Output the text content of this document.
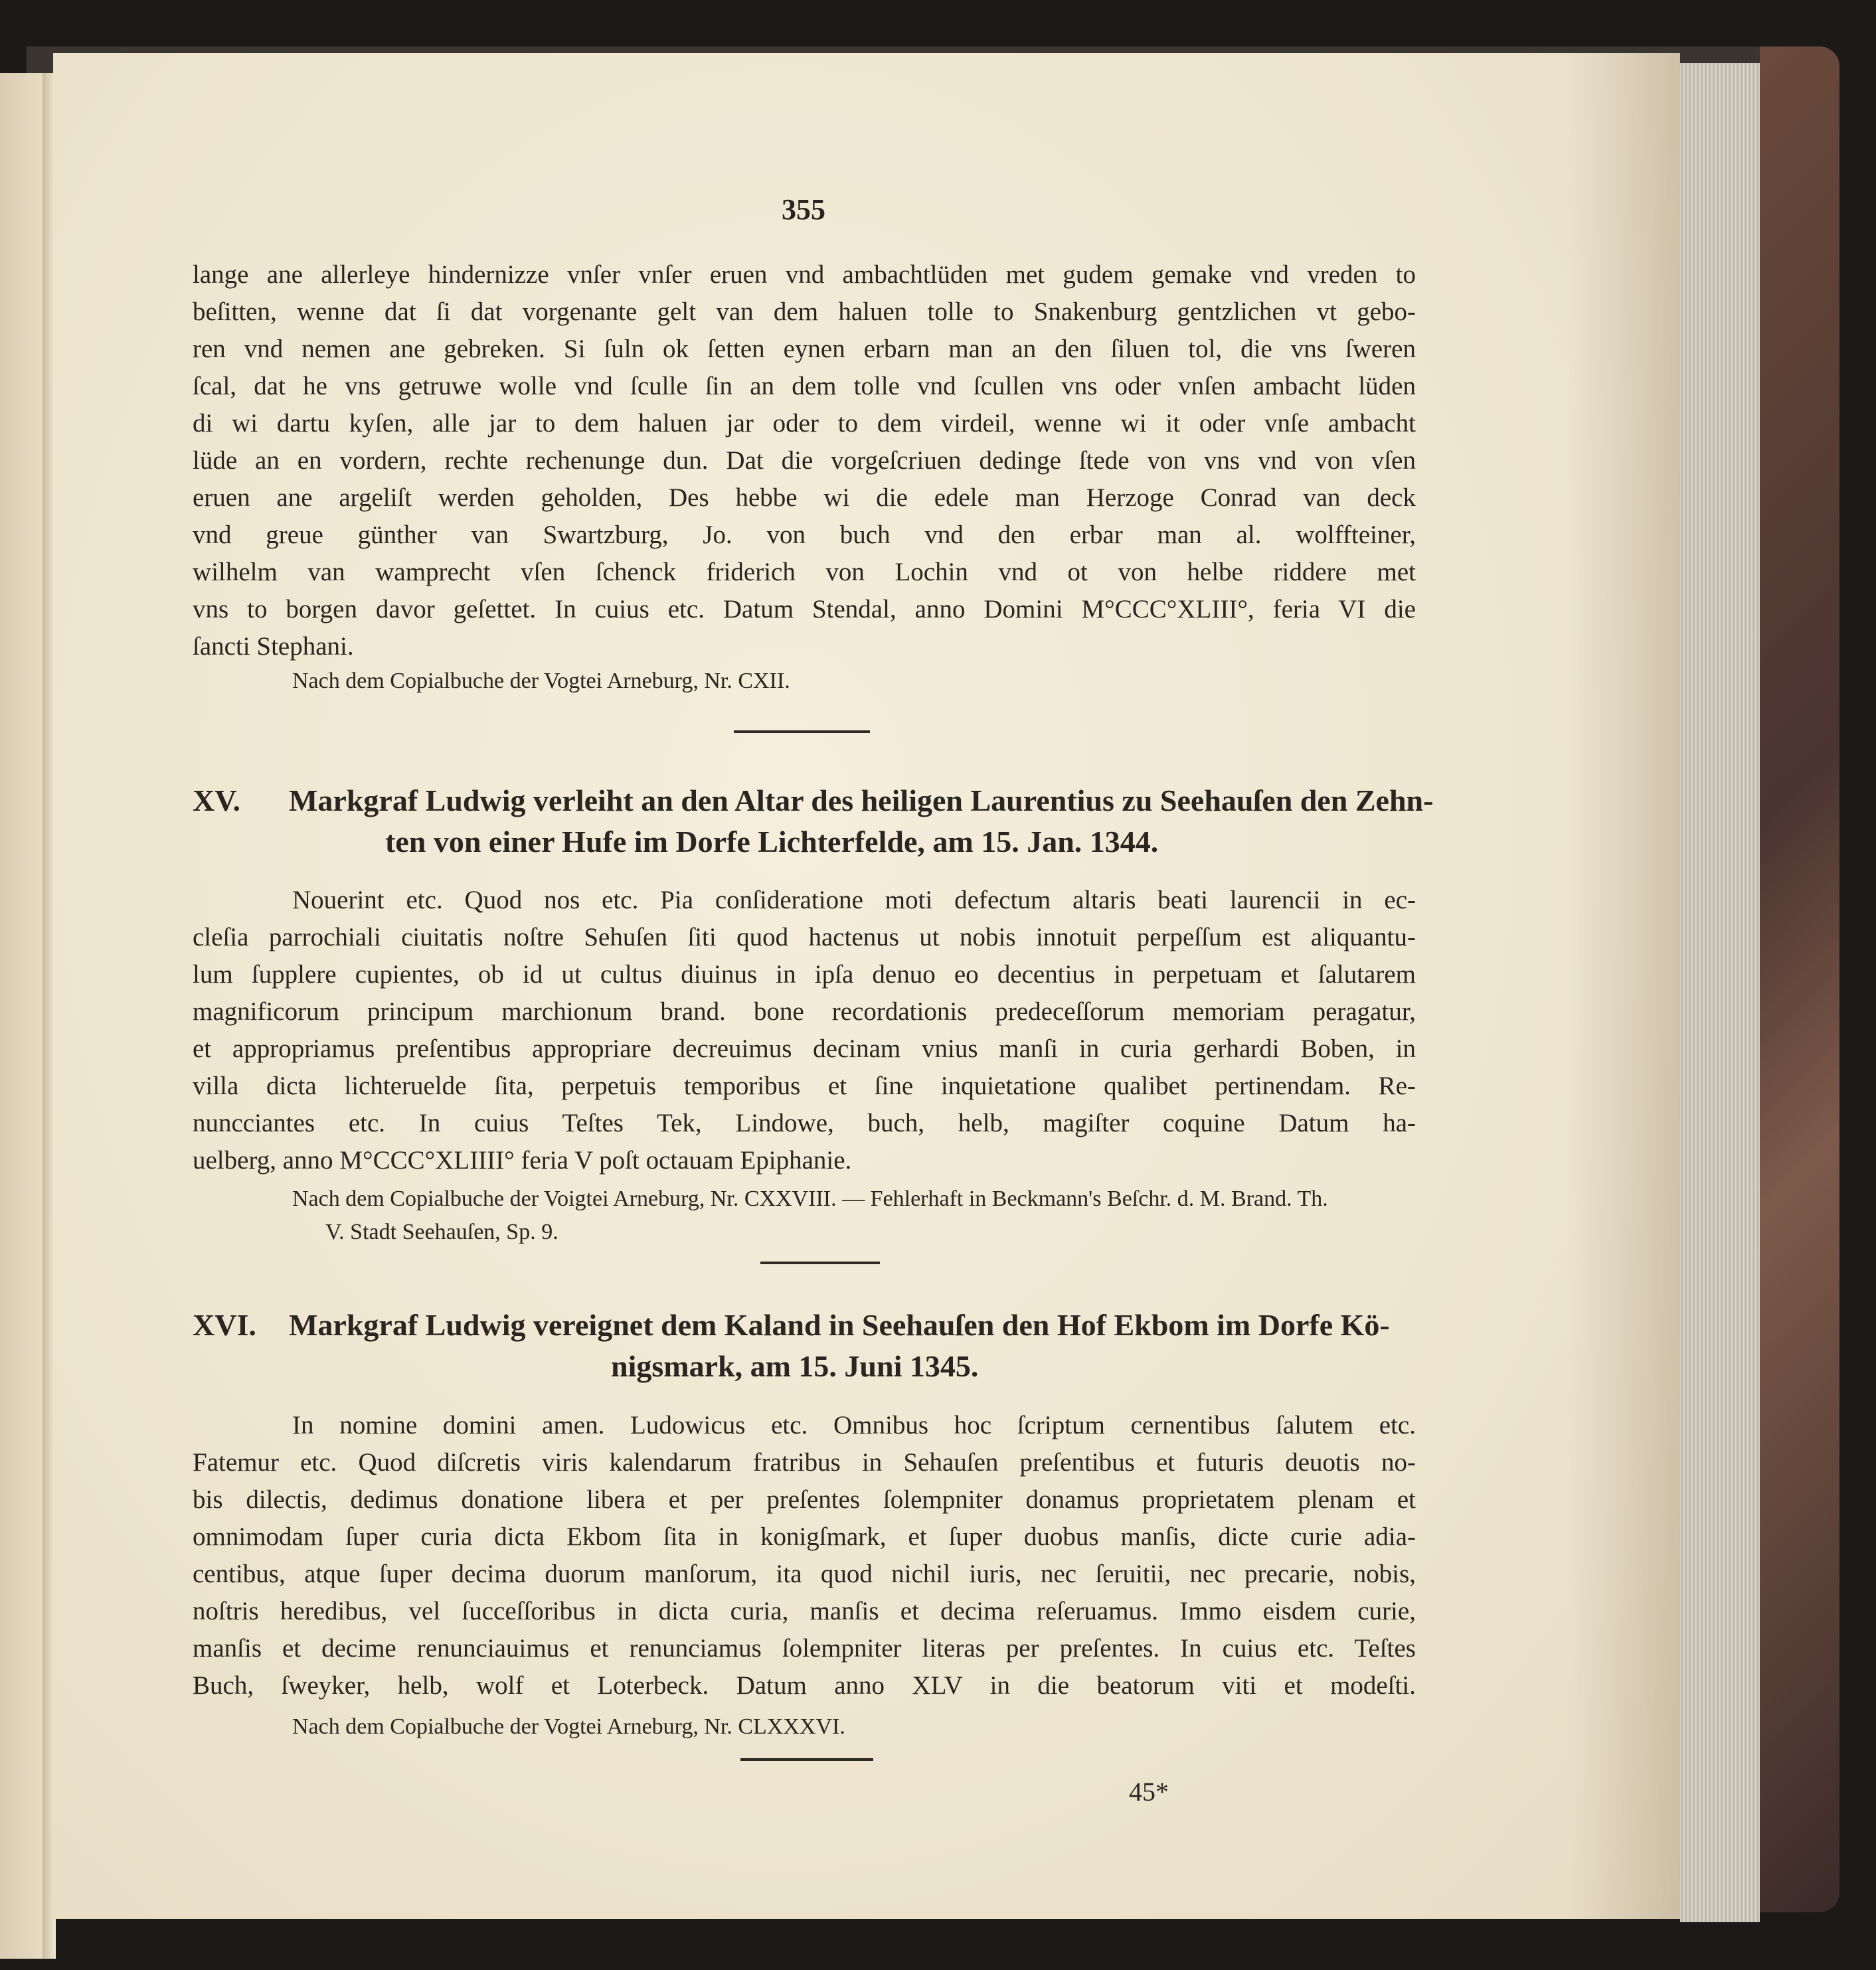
355

lange ane allerleye hindernizze vnſer vnſer eruen vnd ambachtlüden met gudem gemake vnd vreden to

beſitten, wenne dat ſi dat vorgenante gelt van dem haluen tolle to Snakenburg gentzlichen vt gebo-

ren vnd nemen ane gebreken. Si ſuln ok ſetten eynen erbarn man an den ſiluen tol, die vns ſweren

ſcal, dat he vns getruwe wolle vnd ſculle ſin an dem tolle vnd ſcullen vns oder vnſen ambacht lüden

di wi dartu kyſen, alle jar to dem haluen jar oder to dem virdeil, wenne wi it oder vnſe ambacht

lüde an en vordern, rechte rechenunge dun. Dat die vorgeſcriuen dedinge ſtede von vns vnd von vſen

eruen ane argeliſt werden geholden, Des hebbe wi die edele man Herzoge Conrad van deck

vnd greue günther van Swartzburg, Jo. von buch vnd den erbar man al. wolffteiner,

wilhelm van wamprecht vſen ſchenck friderich von Lochin vnd ot von helbe riddere met

vns to borgen davor geſettet. In cuius etc. Datum Stendal, anno Domini M°CCC°XLIII°, feria VI die

ſancti Stephani.

Nach dem Copialbuche der Vogtei Arneburg, Nr. CXII.

XV. Markgraf Ludwig verleiht an den Altar des heiligen Laurentius zu Seehauſen den Zehn-
ten von einer Hufe im Dorfe Lichterfelde, am 15. Jan. 1344.

Nouerint etc. Quod nos etc. Pia conſideratione moti defectum altaris beati laurencii in ec-

cleſia parrochiali ciuitatis noſtre Sehuſen ſiti quod hactenus ut nobis innotuit perpeſſum est aliquantu-

lum ſupplere cupientes, ob id ut cultus diuinus in ipſa denuo eo decentius in perpetuam et ſalutarem

magnificorum principum marchionum brand. bone recordationis predeceſſorum memoriam peragatur,

et appropriamus preſentibus appropriare decreuimus decinam vnius manſi in curia gerhardi Boben, in

villa dicta lichteruelde ſita, perpetuis temporibus et ſine inquietatione qualibet pertinendam. Re-

nunccіantes etc. In cuius Teſtes Tek, Lindowe, buch, helb, magiſter coquine Datum ha-

uelberg, anno M°CCC°XLIIII° feria V poſt octauam Epiphanie.

Nach dem Copialbuche der Voigtei Arneburg, Nr. CXXVIII. — Fehlerhaft in Beckmann's Beſchr. d. M. Brand. Th.

V. Stadt Seehauſen, Sp. 9.

XVI. Markgraf Ludwig vereignet dem Kaland in Seehauſen den Hof Ekbom im Dorfe Kö-
nigsmark, am 15. Juni 1345.

In nomine domini amen. Ludowicus etc. Omnibus hoc ſcriptum cernentibus ſalutem etc.

Fatemur etc. Quod diſcretis viris kalendarum fratribus in Sehauſen preſentibus et futuris deuotis no-

bis dilectis, dedimus donatione libera et per preſentes ſolempniter donamus proprietatem plenam et

omnimodam ſuper curia dicta Ekbom ſita in konigſmark, et ſuper duobus manſis, dicte curie adia-

centibus, atque ſuper decima duorum manſorum, ita quod nichil iuris, nec ſeruitii, nec precarie, nobis,

noſtris heredibus, vel ſucceſſoribus in dicta curia, manſis et decima reſeruamus. Immo eisdem curie,

manſis et decime renunciauimus et renunciamus ſolempniter literas per preſentes. In cuius etc. Teſtes

Buch, ſweyker, helb, wolf et Loterbeck. Datum anno XLV in die beatorum viti et modeſti.

Nach dem Copialbuche der Vogtei Arneburg, Nr. CLXXXVI.

45*
